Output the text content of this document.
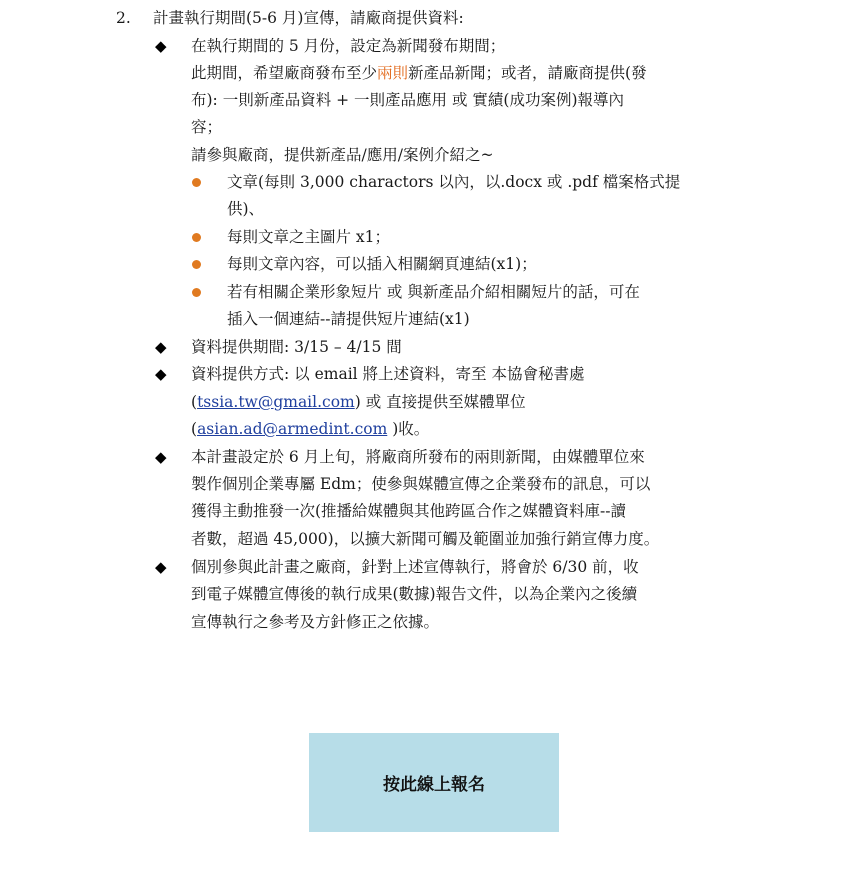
2. 計畫執行期間(5-6 月)宣傳，請廠商提供資料:
◆ 在執行期間的 5 月份，設定為新聞發布期間；
此期間，希望廠商發布至少兩則新產品新聞；或者，請廠商提供(發
布): 一則新產品資料 + 一則產品應用 或 實績(成功案例)報導內
容；
請參與廠商，提供新產品/應用/案例介紹之~
文章(每則 3,000 charactors 以內，以.docx 或 .pdf 檔案格式提
供)、
每則文章之主圖片 x1；
每則文章內容，可以插入相關網頁連結(x1)；
若有相關企業形象短片 或 與新產品介紹相關短片的話，可在
插入一個連結--請提供短片連結(x1)
◆ 資料提供期間: 3/15 – 4/15 間
◆ 資料提供方式: 以 email 將上述資料，寄至 本協會秘書處
(tssia.tw@gmail.com) 或 直接提供至媒體單位
(asian.ad@armedint.com )收。
◆ 本計畫設定於 6 月上旬，將廠商所發布的兩則新聞，由媒體單位來
製作個別企業專屬 Edm；使參與媒體宣傳之企業發布的訊息，可以
獲得主動推發一次(推播給媒體與其他跨區合作之媒體資料庫--讀
者數，超過 45,000)，以擴大新聞可觸及範圍並加強行銷宣傳力度。
◆ 個別參與此計畫之廠商，針對上述宣傳執行，將會於 6/30 前，收
到電子媒體宣傳後的執行成果(數據)報告文件，以為企業內之後續
宣傳執行之參考及方針修正之依據。
按此線上報名
